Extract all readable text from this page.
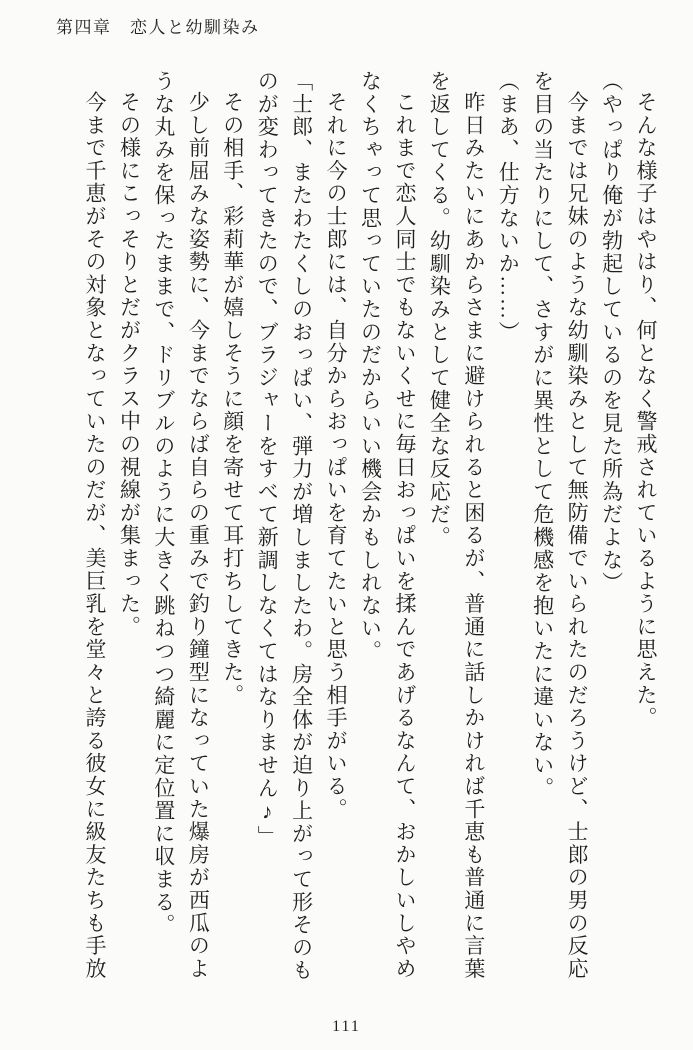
第四章　恋人と幼馴染み

そんな様子はやはり、何となく警戒されているように思えた。

（やっぱり俺が勃起しているのを見た所為だよな）

今までは兄妹のような幼馴染みとして無防備でいられたのだろうけど、士郎の男の反応を目の当たりにして、さすがに異性として危機感を抱いたに違いない。

（まあ、仕方ないか……）

昨日みたいにあからさまに避けられると困るが、普通に話しかければ千恵も普通に言葉を返してくる。幼馴染みとして健全な反応だ。

これまで恋人同士でもないくせに毎日おっぱいを揉んであげるなんて、おかしいしやめなくちゃって思っていたのだからいい機会かもしれない。

それに今の士郎には、自分からおっぱいを育てたいと思う相手がいる。

「士郎、またわたくしのおっぱい、弾力が増しましたわ。房全体が迫り上がって形そのものが変わってきたので、ブラジャーをすべて新調しなくてはなりません♪」

その相手、彩莉華が嬉しそうに顔を寄せて耳打ちしてきた。

少し前屈みな姿勢に、今までならば自らの重みで釣り鐘型になっていた爆房が西瓜のような丸みを保ったままで、ドリブルのように大きく跳ねつつ綺麗に定位置に収まる。

その様にこっそりとだがクラス中の視線が集まった。

今まで千恵がその対象となっていたのだが、美巨乳を堂々と誇る彼女に級友たちも手放

111
